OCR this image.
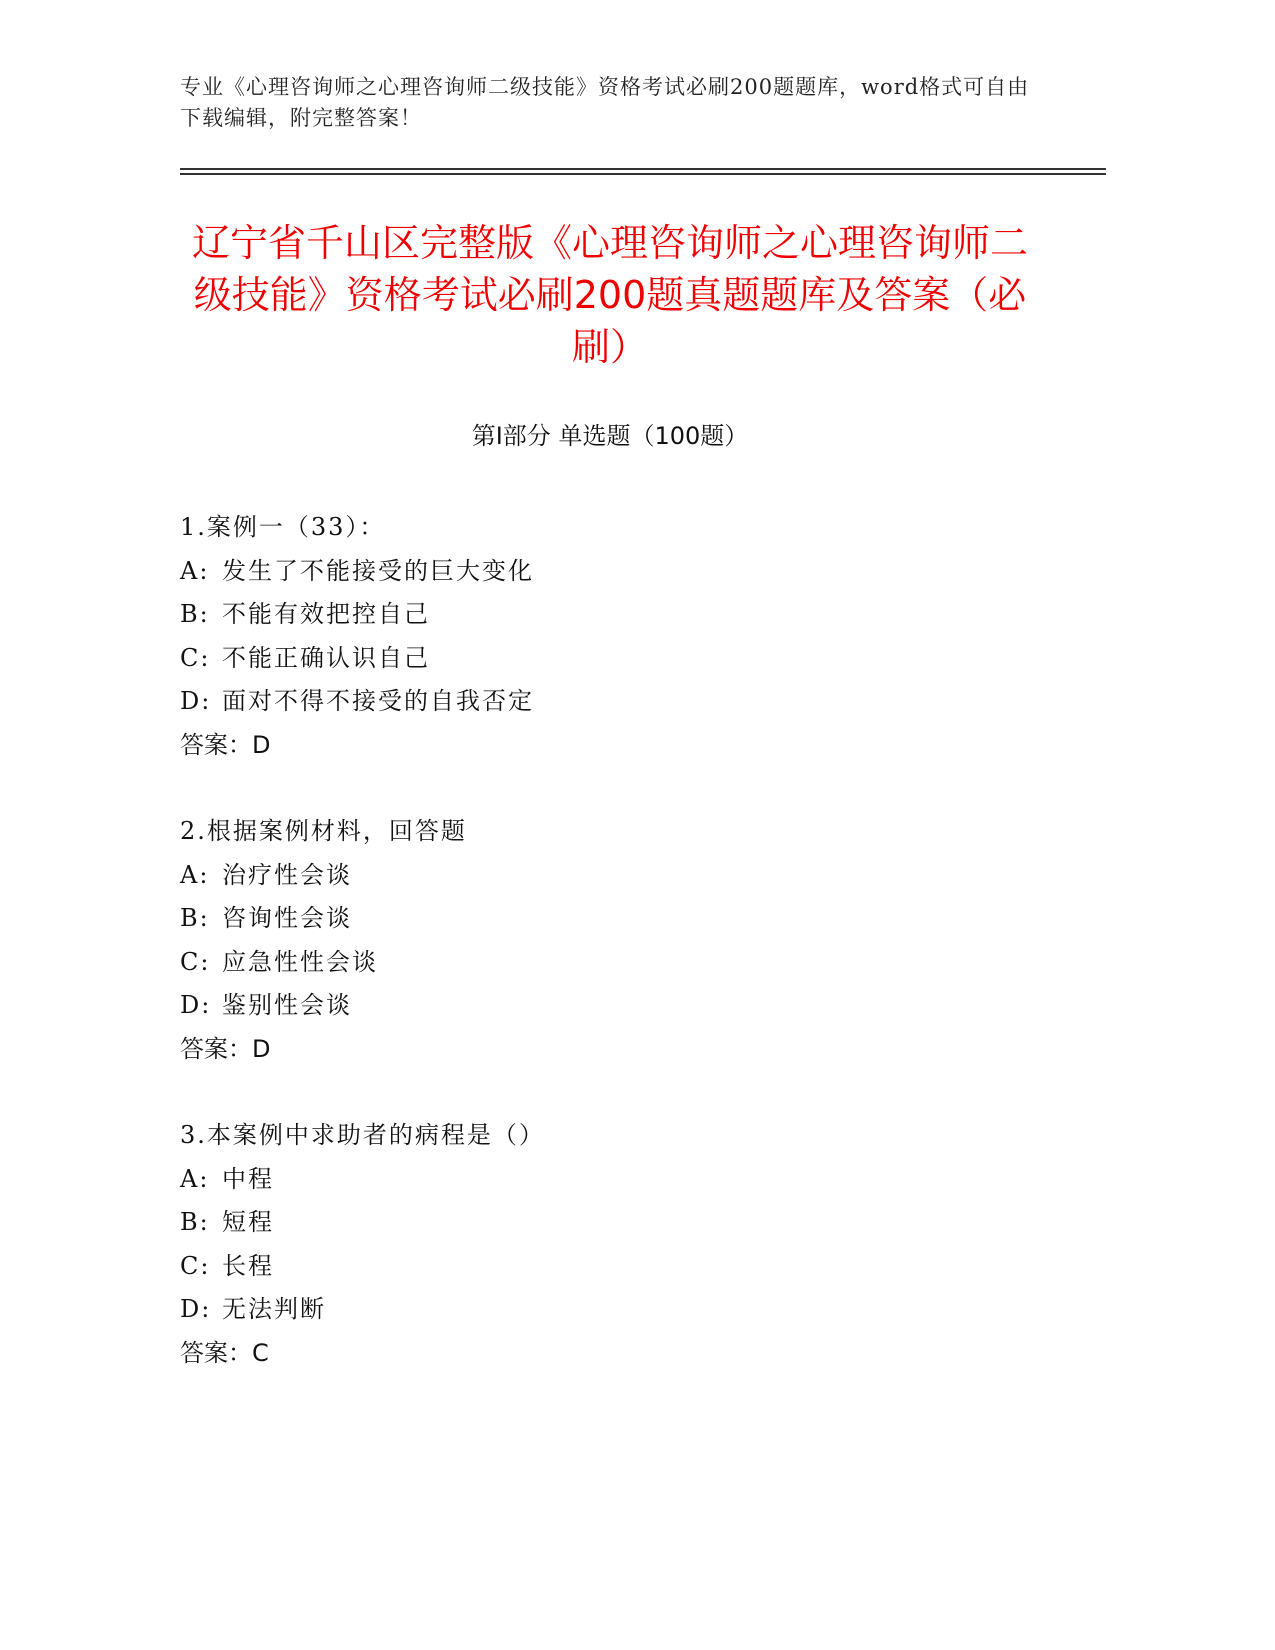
专业《心理咨询师之心理咨询师二级技能》资格考试必刷200题题库，word格式可自由下载编辑，附完整答案！
辽宁省千山区完整版《心理咨询师之心理咨询师二级技能》资格考试必刷200题真题题库及答案（必刷）
第Ⅰ部分 单选题（100题）
1.案例一（33）：
A: 发生了不能接受的巨大变化
B: 不能有效把控自己
C: 不能正确认识自己
D: 面对不得不接受的自我否定
答案：D
2.根据案例材料，回答题
A: 治疗性会谈
B: 咨询性会谈
C: 应急性性会谈
D: 鉴别性会谈
答案：D
3.本案例中求助者的病程是（）
A: 中程
B: 短程
C: 长程
D: 无法判断
答案：C
